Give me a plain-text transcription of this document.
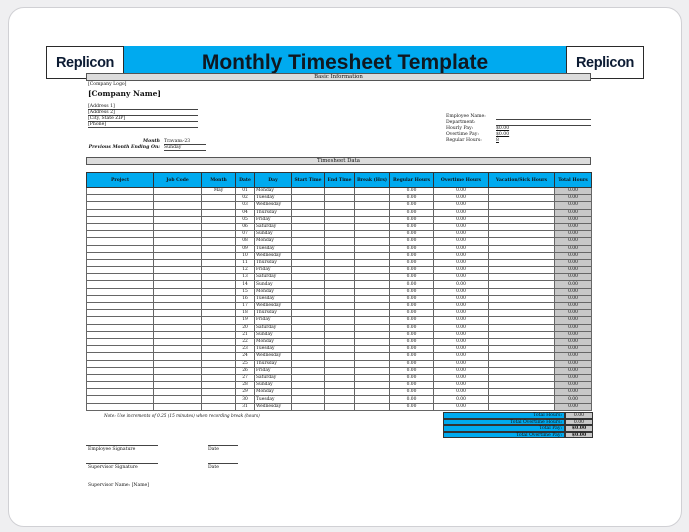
Replicon	Monthly Timesheet Template	Replicon
Basic Information
[Company Logo]
[Company Name]
[Address 1]
[Address 2]
[City, State ZIP]
[Phone]
Month Travanь-23
Previous Month Ending On: Sunday
Employee Name:
Department:
Hourly Pay:	$0.00
Overtime Pay:	$0.00
Regular Hours:	8
Timesheet Data
Project	Job Code	Month	Date	Day	Start Time	End Time	Break (Hrs)	Regular Hours	Overtime Hours	Vacation/Sick Hours	Total Hours
		May	01	Monday				0.00	0.00		0.00
			02	Tuesday				0.00	0.00		0.00
			03	Wednesday				0.00	0.00		0.00
			04	Thursday				0.00	0.00		0.00
			05	Friday				0.00	0.00		0.00
			06	Saturday				0.00	0.00		0.00
			07	Sunday				0.00	0.00		0.00
			08	Monday				0.00	0.00		0.00
			09	Tuesday				0.00	0.00		0.00
			10	Wednesday				0.00	0.00		0.00
			11	Thursday				0.00	0.00		0.00
			12	Friday				0.00	0.00		0.00
			13	Saturday				0.00	0.00		0.00
			14	Sunday				0.00	0.00		0.00
			15	Monday				0.00	0.00		0.00
			16	Tuesday				0.00	0.00		0.00
			17	Wednesday				0.00	0.00		0.00
			18	Thursday				0.00	0.00		0.00
			19	Friday				0.00	0.00		0.00
			20	Saturday				0.00	0.00		0.00
			21	Sunday				0.00	0.00		0.00
			22	Monday				0.00	0.00		0.00
			23	Tuesday				0.00	0.00		0.00
			24	Wednesday				0.00	0.00		0.00
			25	Thursday				0.00	0.00		0.00
			26	Friday				0.00	0.00		0.00
			27	Saturday				0.00	0.00		0.00
			28	Sunday				0.00	0.00		0.00
			29	Monday				0.00	0.00		0.00
			30	Tuesday				0.00	0.00		0.00
			31	Wednesday				0.00	0.00		0.00
Note: Use increments of 0.25 (15 minutes) when recording break (hours)	Total Hours:	0.00
Total Overtime Hours:	0.00
Total Pay:	$0.00
Total Overtime Pay:	$0.00
Employee Signature	Date
Supervisor Signature	Date
Supervisor Name: [Name]
